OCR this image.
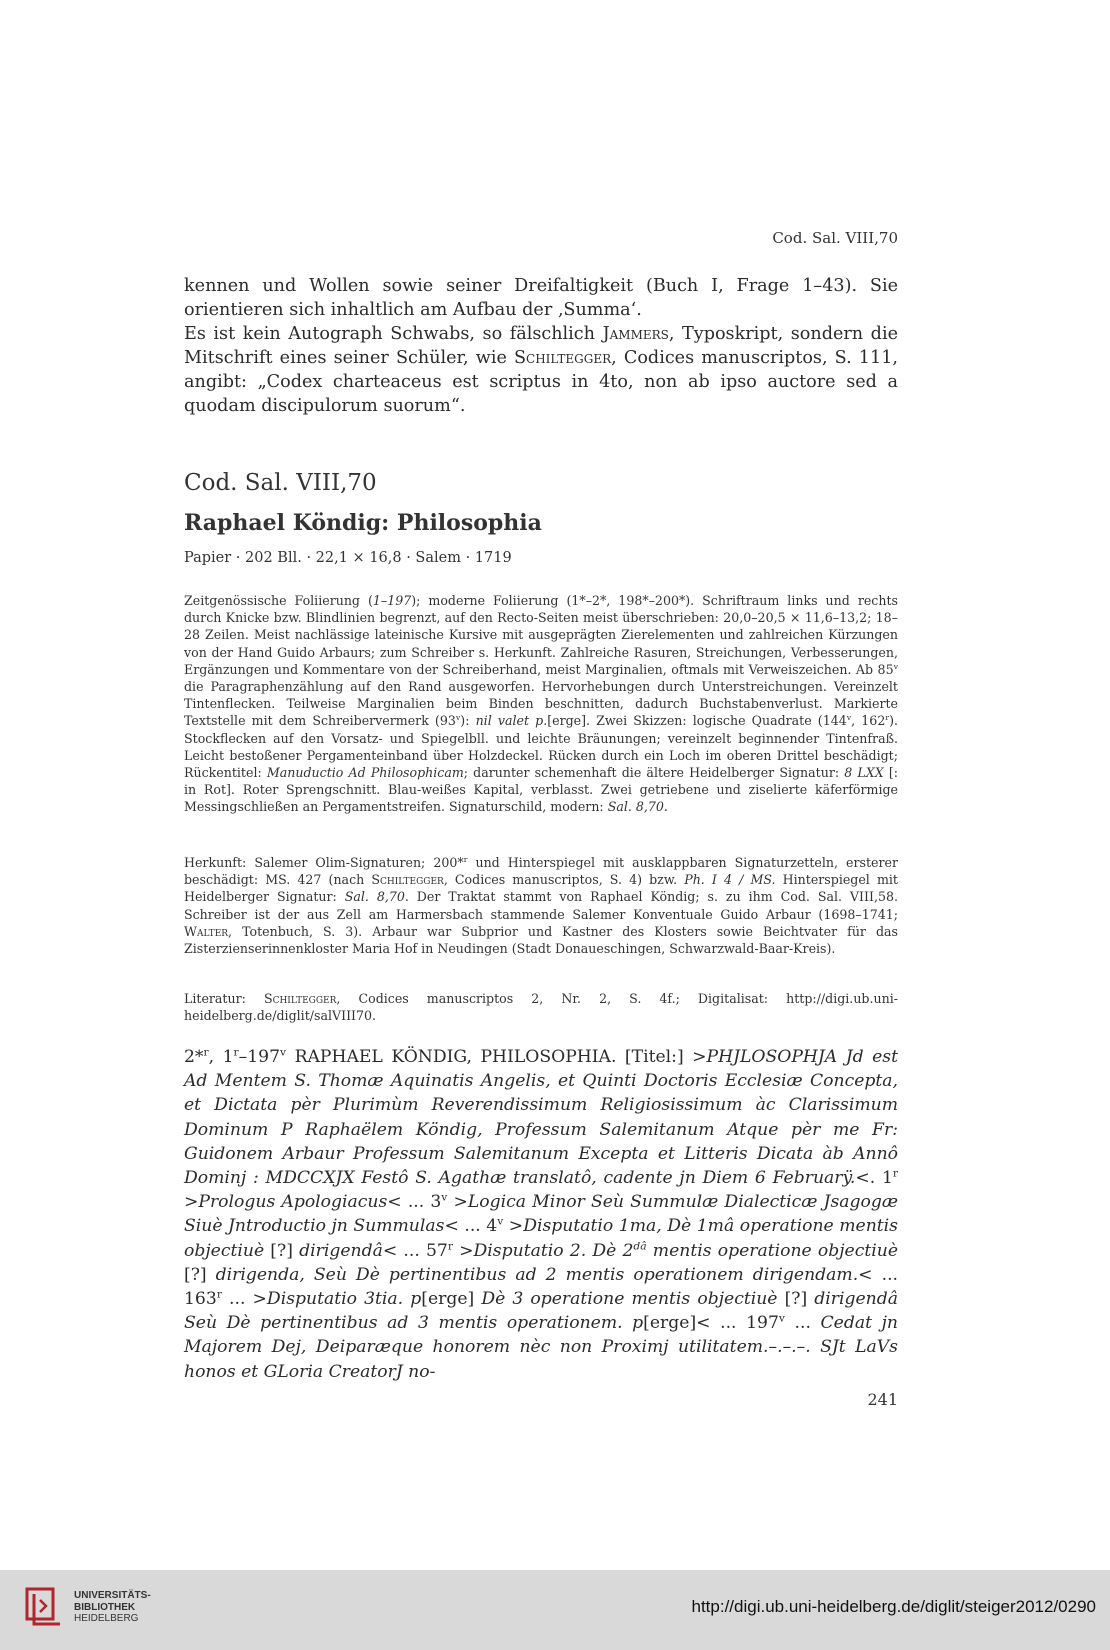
Cod. Sal. VIII,70

kennen und Wollen sowie seiner Dreifaltigkeit (Buch I, Frage 1–43). Sie orientieren sich inhaltlich am Aufbau der ‚Summa‘.

Es ist kein Autograph Schwabs, so fälschlich Jammers, Typoskript, sondern die Mitschrift eines seiner Schüler, wie Schiltegger, Codices manuscriptos, S. 111, angibt: „Codex charteaceus est scriptus in 4to, non ab ipso auctore sed a quodam discipulorum suorum“.

Cod. Sal. VIII,70
Raphael Köndig: Philosophia
Papier · 202 Bll. · 22,1 × 16,8 · Salem · 1719

Zeitgenössische Foliierung (1–197); moderne Foliierung (1*–2*, 198*–200*). Schriftraum links und rechts durch Knicke bzw. Blindlinien begrenzt, auf den Recto-Seiten meist überschrieben: 20,0–20,5 × 11,6–13,2; 18–28 Zeilen. Meist nachlässige lateinische Kursive mit ausgeprägten Zierelementen und zahlreichen Kürzungen von der Hand Guido Arbaurs; zum Schreiber s. Herkunft. Zahlreiche Rasuren, Streichungen, Verbesserungen, Ergänzungen und Kommentare von der Schreiberhand, meist Marginalien, oftmals mit Verweiszeichen. Ab 85$^v$ die Paragraphenzählung auf den Rand ausgeworfen. Hervorhebungen durch Unterstreichungen. Vereinzelt Tintenflecken. Teilweise Marginalien beim Binden beschnitten, dadurch Buchstabenverlust. Markierte Textstelle mit dem Schreibervermerk (93$^v$): nil valet p.[erge]. Zwei Skizzen: logische Quadrate (144$^v$, 162$^r$). Stockflecken auf den Vorsatz- und Spiegelbll. und leichte Bräunungen; vereinzelt beginnender Tintenfraß. Leicht bestoßener Pergamenteinband über Holzdeckel. Rücken durch ein Loch im oberen Drittel beschädigt; Rückentitel: Manuductio Ad Philosophicam; darunter schemenhaft die ältere Heidelberger Signatur: 8 LXX [: in Rot]. Roter Sprengschnitt. Blau-weißes Kapital, verblasst. Zwei getriebene und ziselierte käferförmige Messingschließen an Pergamentstreifen. Signaturschild, modern: Sal. 8,70.

Herkunft: Salemer Olim-Signaturen; 200*$^r$ und Hinterspiegel mit ausklappbaren Signaturzetteln, ersterer beschädigt: MS. 427 (nach Schiltegger, Codices manuscriptos, S. 4) bzw. Ph. I 4 / MS. Hinterspiegel mit Heidelberger Signatur: Sal. 8,70. Der Traktat stammt von Raphael Köndig; s. zu ihm Cod. Sal. VIII,58. Schreiber ist der aus Zell am Harmersbach stammende Salemer Konventuale Guido Arbaur (1698–1741; Walter, Totenbuch, S. 3). Arbaur war Subprior und Kastner des Klosters sowie Beichtvater für das Zisterzienserinnenkloster Maria Hof in Neudingen (Stadt Donaueschingen, Schwarzwald-Baar-Kreis).

Literatur: Schiltegger, Codices manuscriptos 2, Nr. 2, S. 4f.; Digitalisat: http://digi.ub.uni-heidelberg.de/diglit/salVIII70.

2*$^r$, 1$^r$–197$^v$ RAPHAEL KÖNDIG, PHILOSOPHIA. [Titel:] >PHJLOSOPHJA Jd est Ad Mentem S. Thomæ Aquinatis Angelis, et Quinti Doctoris Ecclesiæ Concepta, et Dictata pèr Plurimùm Reverendissimum Religiosissimum àc Clarissimum Dominum P Raphaëlem Köndig, Professum Salemitanum Atque pèr me Fr: Guidonem Arbaur Professum Salemitanum Excepta et Litteris Dicata àb Annô Dominj : MDCCXJX Festô S. Agathæ translatô, cadente jn Diem 6 Februarÿ.<. $1^r$ >Prologus Apologiacus< ... $3^v$ >Logica Minor Seù Summulæ Dialecticæ Jsagogæ Siuè Jntroductio jn Summulas< ... $4^v$ >Disputatio 1ma, Dè 1mâ operatione mentis objectiuè [?] dirigendâ< ... $57^r$ >Disputatio 2. Dè $2^{dâ}$ mentis operatione objectiuè [?] dirigenda, Seù Dè pertinentibus ad 2 mentis operationem dirigendam.< ... 163$^r$ ... >Disputatio 3tia. p[erge] Dè 3 operatione mentis objectiuè [?] dirigendâ Seù Dè pertinentibus ad 3 mentis operationem. p[erge]< ... 197$^v$ ... Cedat jn Majorem Dej, Deiparæque honorem nèc non Proximj utilitatem.–.–.–. SJt LaVs honos et GLoria CreatorJ no-

241
UNIVERSITÄTS-
BIBLIOTHEK
HEIDELBERG
http://digi.ub.uni-heidelberg.de/diglit/steiger2012/0290
